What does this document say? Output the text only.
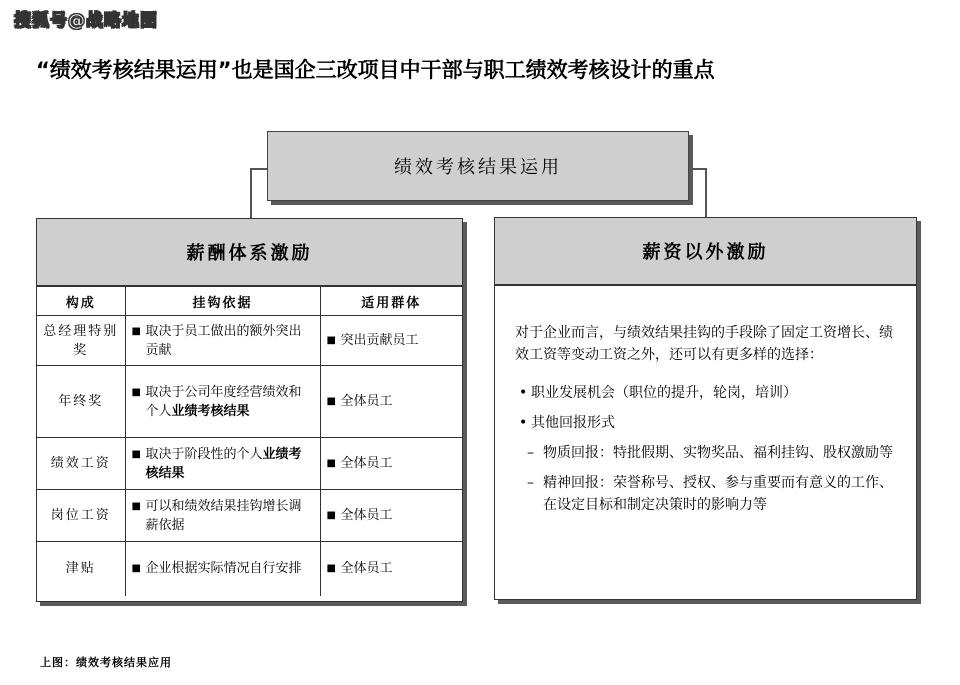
搜狐号@战略地图
“绩效考核结果运用”也是国企三改项目中干部与职工绩效考核设计的重点
绩效考核结果运用
薪酬体系激励
构成	挂钩依据	适用群体
总经理特别奖	■ 取决于员工做出的额外突出贡献	■ 突出贡献员工

年终奖	■ 取决于公司年度经营绩效和个人业绩考核结果	■ 全体员工

绩效工资	■ 取决于阶段性的个人业绩考核结果	■ 全体员工

岗位工资	■ 可以和绩效结果挂钩增长调薪依据	■ 全体员工

津贴	■ 企业根据实际情况自行安排	■ 全体员工
薪资以外激励

对于企业而言，与绩效结果挂钩的手段除了固定工资增长、绩效工资等变动工资之外，还可以有更多样的选择：

• 职业发展机会（职位的提升，轮岗，培训）
• 其他回报形式
– 物质回报：特批假期、实物奖品、福利挂钩、股权激励等
– 精神回报：荣誉称号、授权、参与重要而有意义的工作、在设定目标和制定决策时的影响力等
上图：绩效考核结果应用
